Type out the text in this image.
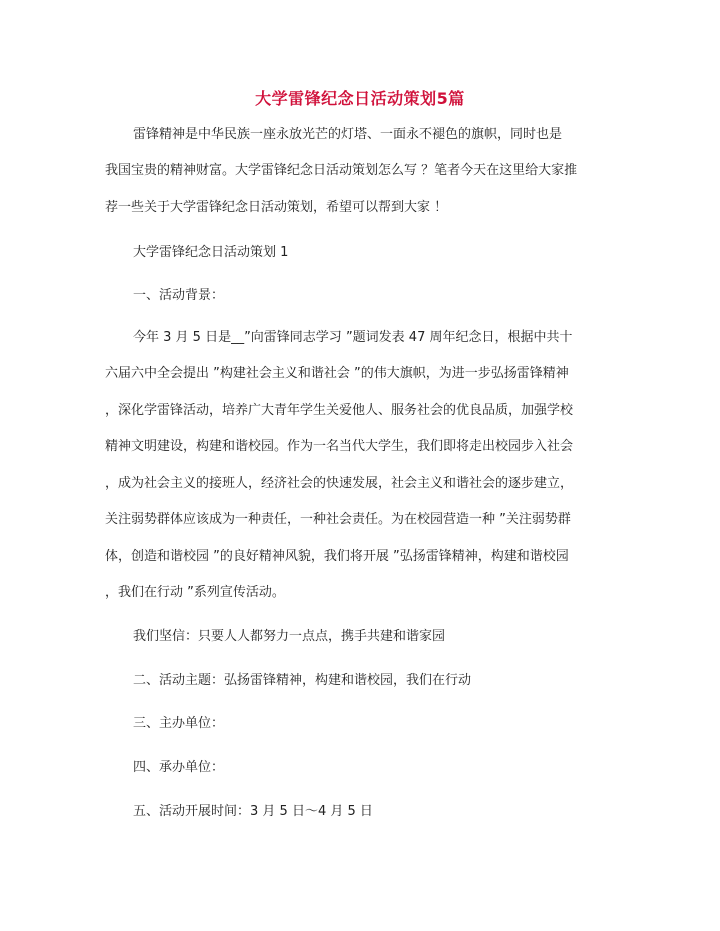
大学雷锋纪念日活动策划5篇
雷锋精神是中华民族一座永放光芒的灯塔、一面永不褪色的旗帜，同时也是
我国宝贵的精神财富。大学雷锋纪念日活动策划怎么写 ？笔者今天在这里给大家推
荐一些关于大学雷锋纪念日活动策划，希望可以帮到大家 ！
大学雷锋纪念日活动策划 1
一、活动背景：
今年 3 月 5 日是__”向雷锋同志学习 ”题词发表 47 周年纪念日，根据中共十
六届六中全会提出 ”构建社会主义和谐社会 ”的伟大旗帜，为进一步弘扬雷锋精神
，深化学雷锋活动，培养广大青年学生关爱他人、服务社会的优良品质，加强学校
精神文明建设，构建和谐校园。作为一名当代大学生，我们即将走出校园步入社会
，成为社会主义的接班人，经济社会的快速发展，社会主义和谐社会的逐步建立，
关注弱势群体应该成为一种责任，一种社会责任。为在校园营造一种 ”关注弱势群
体，创造和谐校园 ”的良好精神风貌，我们将开展 ”弘扬雷锋精神，构建和谐校园
，我们在行动 ”系列宣传活动。
我们坚信：只要人人都努力一点点，携手共建和谐家园
二、活动主题：弘扬雷锋精神，构建和谐校园，我们在行动
三、主办单位：
四、承办单位：
五、活动开展时间：3 月 5 日～4 月 5 日
